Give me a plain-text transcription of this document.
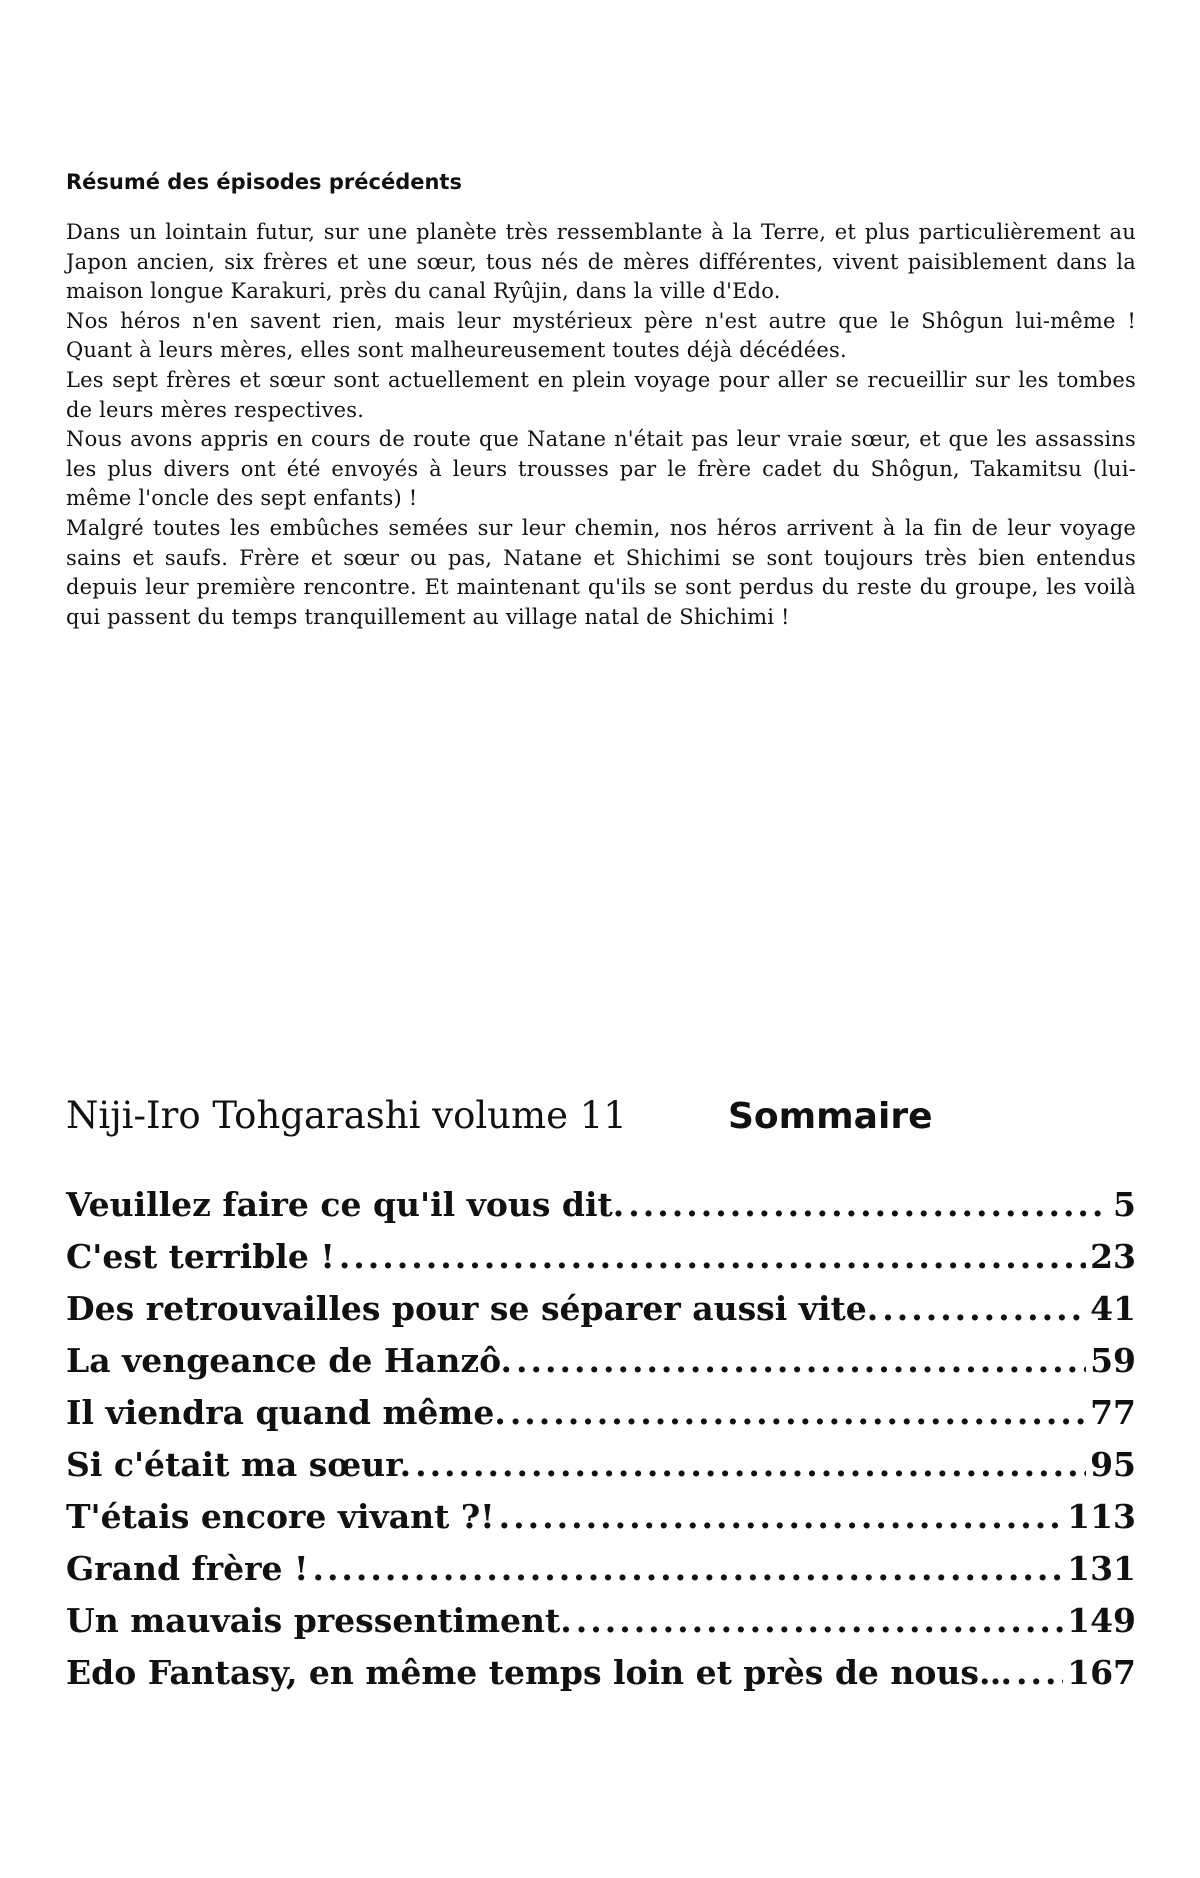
Résumé des épisodes précédents

Dans un lointain futur, sur une planète très ressemblante à la Terre, et plus particulièrement au Japon ancien, six frères et une sœur, tous nés de mères différentes, vivent paisiblement dans la maison longue Karakuri, près du canal Ryûjin, dans la ville d'Edo.

Nos héros n'en savent rien, mais leur mystérieux père n'est autre que le Shôgun lui-même ! Quant à leurs mères, elles sont malheureusement toutes déjà décédées.

Les sept frères et sœur sont actuellement en plein voyage pour aller se recueillir sur les tombes de leurs mères respectives.

Nous avons appris en cours de route que Natane n'était pas leur vraie sœur, et que les assassins les plus divers ont été envoyés à leurs trousses par le frère cadet du Shôgun, Takamitsu (lui-même l'oncle des sept enfants) !

Malgré toutes les embûches semées sur leur chemin, nos héros arrivent à la fin de leur voyage sains et saufs. Frère et sœur ou pas, Natane et Shichimi se sont toujours très bien entendus depuis leur première rencontre. Et maintenant qu'ils se sont perdus du reste du groupe, les voilà qui passent du temps tranquillement au village natal de Shichimi !

Niji-Iro Tohgarashi volume 11	Sommaire
Veuillez faire ce qu'il vous dit. .....	5
C'est terrible ! .....	23
Des retrouvailles pour se séparer aussi vite. .....	41
La vengeance de Hanzô. .....	59
Il viendra quand même. .....	77
Si c'était ma sœur. .....	95
T'étais encore vivant ?! .....	113
Grand frère ! .....	131
Un mauvais pressentiment. .....	149
Edo Fantasy, en même temps loin et près de nous… ..... 167
